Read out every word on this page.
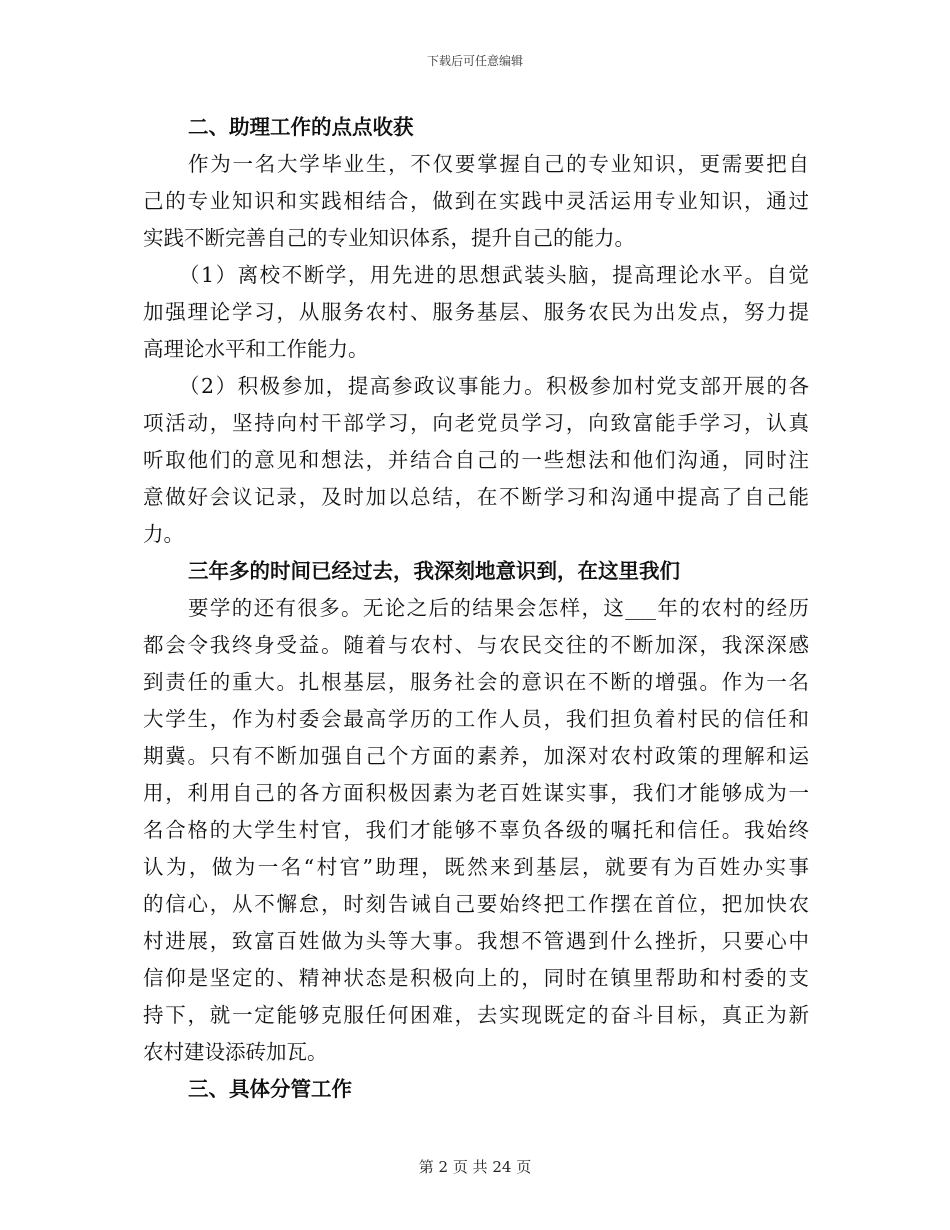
下载后可任意编辑
二、助理工作的点点收获
作为一名大学毕业生，不仅要掌握自己的专业知识，更需要把自
己的专业知识和实践相结合，做到在实践中灵活运用专业知识，通过
实践不断完善自己的专业知识体系，提升自己的能力。
（1）离校不断学，用先进的思想武装头脑，提高理论水平。自觉
加强理论学习，从服务农村、服务基层、服务农民为出发点，努力提
高理论水平和工作能力。
（2）积极参加，提高参政议事能力。积极参加村党支部开展的各
项活动，坚持向村干部学习，向老党员学习，向致富能手学习，认真
听取他们的意见和想法，并结合自己的一些想法和他们沟通，同时注
意做好会议记录，及时加以总结，在不断学习和沟通中提高了自己能
力。
三年多的时间已经过去，我深刻地意识到，在这里我们
要学的还有很多。无论之后的结果会怎样，这___年的农村的经历
都会令我终身受益。随着与农村、与农民交往的不断加深，我深深感
到责任的重大。扎根基层，服务社会的意识在不断的增强。作为一名
大学生，作为村委会最高学历的工作人员，我们担负着村民的信任和
期冀。只有不断加强自己个方面的素养，加深对农村政策的理解和运
用，利用自己的各方面积极因素为老百姓谋实事，我们才能够成为一
名合格的大学生村官，我们才能够不辜负各级的嘱托和信任。我始终
认为，做为一名“村官”助理，既然来到基层，就要有为百姓办实事
的信心，从不懈怠，时刻告诫自己要始终把工作摆在首位，把加快农
村进展，致富百姓做为头等大事。我想不管遇到什么挫折，只要心中
信仰是坚定的、精神状态是积极向上的，同时在镇里帮助和村委的支
持下，就一定能够克服任何困难，去实现既定的奋斗目标，真正为新
农村建设添砖加瓦。
三、具体分管工作
第 2 页 共 24 页
